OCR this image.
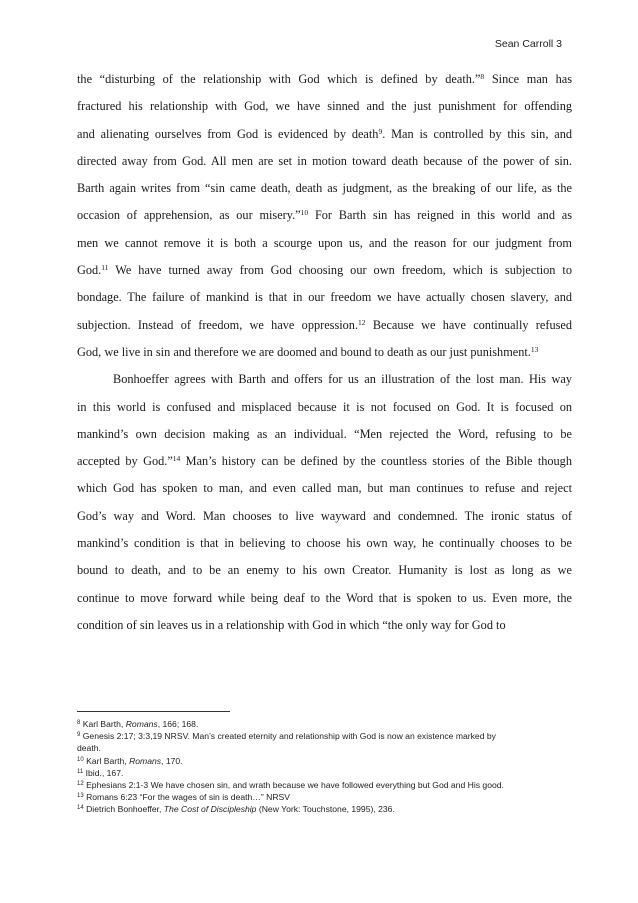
Sean Carroll 3
the “disturbing of the relationship with God which is defined by death.”$^8$ Since man has
fractured his relationship with God, we have sinned and the just punishment for offending
and alienating ourselves from God is evidenced by death$^9$. Man is controlled by this sin, and
directed away from God. All men are set in motion toward death because of the power of sin.
Barth again writes from “sin came death, death as judgment, as the breaking of our life, as the
occasion of apprehension, as our misery.”$^{10}$ For Barth sin has reigned in this world and as
men we cannot remove it is both a scourge upon us, and the reason for our judgment from
God.$^{11}$ We have turned away from God choosing our own freedom, which is subjection to
bondage. The failure of mankind is that in our freedom we have actually chosen slavery, and
subjection. Instead of freedom, we have oppression.$^{12}$ Because we have continually refused
God, we live in sin and therefore we are doomed and bound to death as our just punishment.$^{13}$
Bonhoeffer agrees with Barth and offers for us an illustration of the lost man. His way
in this world is confused and misplaced because it is not focused on God. It is focused on
mankind’s own decision making as an individual. “Men rejected the Word, refusing to be
accepted by God.”$^{14}$ Man’s history can be defined by the countless stories of the Bible though
which God has spoken to man, and even called man, but man continues to refuse and reject
God’s way and Word. Man chooses to live wayward and condemned. The ironic status of
mankind’s condition is that in believing to choose his own way, he continually chooses to be
bound to death, and to be an enemy to his own Creator. Humanity is lost as long as we
continue to move forward while being deaf to the Word that is spoken to us. Even more, the
condition of sin leaves us in a relationship with God in which “the only way for God to
$^8$ Karl Barth, Romans, 166; 168.
$^9$ Genesis 2:17; 3:3,19 NRSV. Man’s created eternity and relationship with God is now an existence marked by
death.
$^{10}$ Karl Barth, Romans, 170.
$^{11}$ Ibid., 167.
$^{12}$ Ephesians 2:1-3 We have chosen sin, and wrath because we have followed everything but God and His good.
$^{13}$ Romans 6:23 “For the wages of sin is death…” NRSV
$^{14}$ Dietrich Bonhoeffer, The Cost of Discipleship (New York: Touchstone, 1995), 236.
